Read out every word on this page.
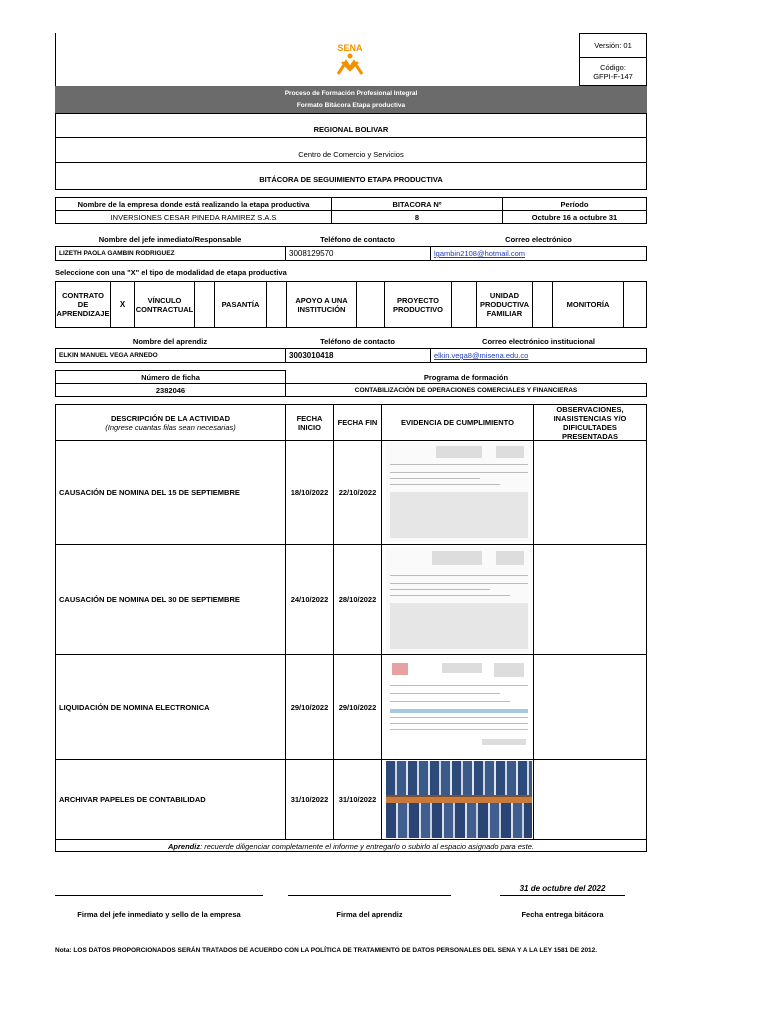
SENA	Versión: 01
Código:
GFPI-F-147
Proceso de Formación Profesional Integral
Formato Bitácora Etapa productiva
REGIONAL BOLIVAR
Centro de Comercio y Servicios
BITÁCORA DE SEGUIMIENTO ETAPA PRODUCTIVA
Nombre de la empresa donde está realizando la etapa productiva	BITACORA Nº	Período
INVERSIONES CESAR PINEDA RAMIREZ S.A.S	8	Octubre 16 a octubre 31
Nombre del jefe inmediato/Responsable	Teléfono de contacto	Correo electrónico
LIZETH PAOLA GAMBIN RODRIGUEZ	3008129570	lgambin2108@hotmail.com
Seleccione con una "X" el tipo de modalidad de etapa productiva
CONTRATO DE APRENDIZAJE
X	VÍNCULO CONTRACTUAL	PASANTÍA	APOYO A UNA INSTITUCIÓN
PROYECTO PRODUCTIVO
UNIDAD PRODUCTIVA FAMILIAR
MONITORÍA
Nombre del aprendiz	Teléfono de contacto	Correo electrónico institucional
ELKIN MANUEL VEGA ARNEDO	3003010418	elkin.vega8@misena.edu.co
Número de ficha	Programa de formación
2382046	CONTABILIZACIÓN DE OPERACIONES COMERCIALES Y FINANCIERAS
DESCRIPCIÓN DE LA ACTIVIDAD
(Ingrese cuantas filas sean necesarias)
FECHA INICIO	FECHA FIN	EVIDENCIA DE CUMPLIMIENTO
OBSERVACIONES, INASISTENCIAS Y/O DIFICULTADES PRESENTADAS
CAUSACIÓN DE NOMINA DEL 15 DE SEPTIEMBRE	18/10/2022 22/10/2022
CAUSACIÓN DE NOMINA DEL 30 DE SEPTIEMBRE	24/10/2022 28/10/2022
LIQUIDACIÓN DE NOMINA ELECTRONICA	29/10/2022 29/10/2022
ARCHIVAR PAPELES DE CONTABILIDAD	31/10/2022 31/10/2022
Aprendiz : recuerde diligenciar completamente el informe y entregarlo o subirlo al espacio asignado para este.
31 de octubre del 2022
Firma del jefe inmediato y sello de la empresa	Firma del aprendiz	Fecha entrega bitácora
Nota: LOS DATOS PROPORCIONADOS SERÁN TRATADOS DE ACUERDO CON LA POLÍTICA DE TRATAMIENTO DE DATOS PERSONALES DEL SENA Y A LA LEY 1581 DE 2012.
